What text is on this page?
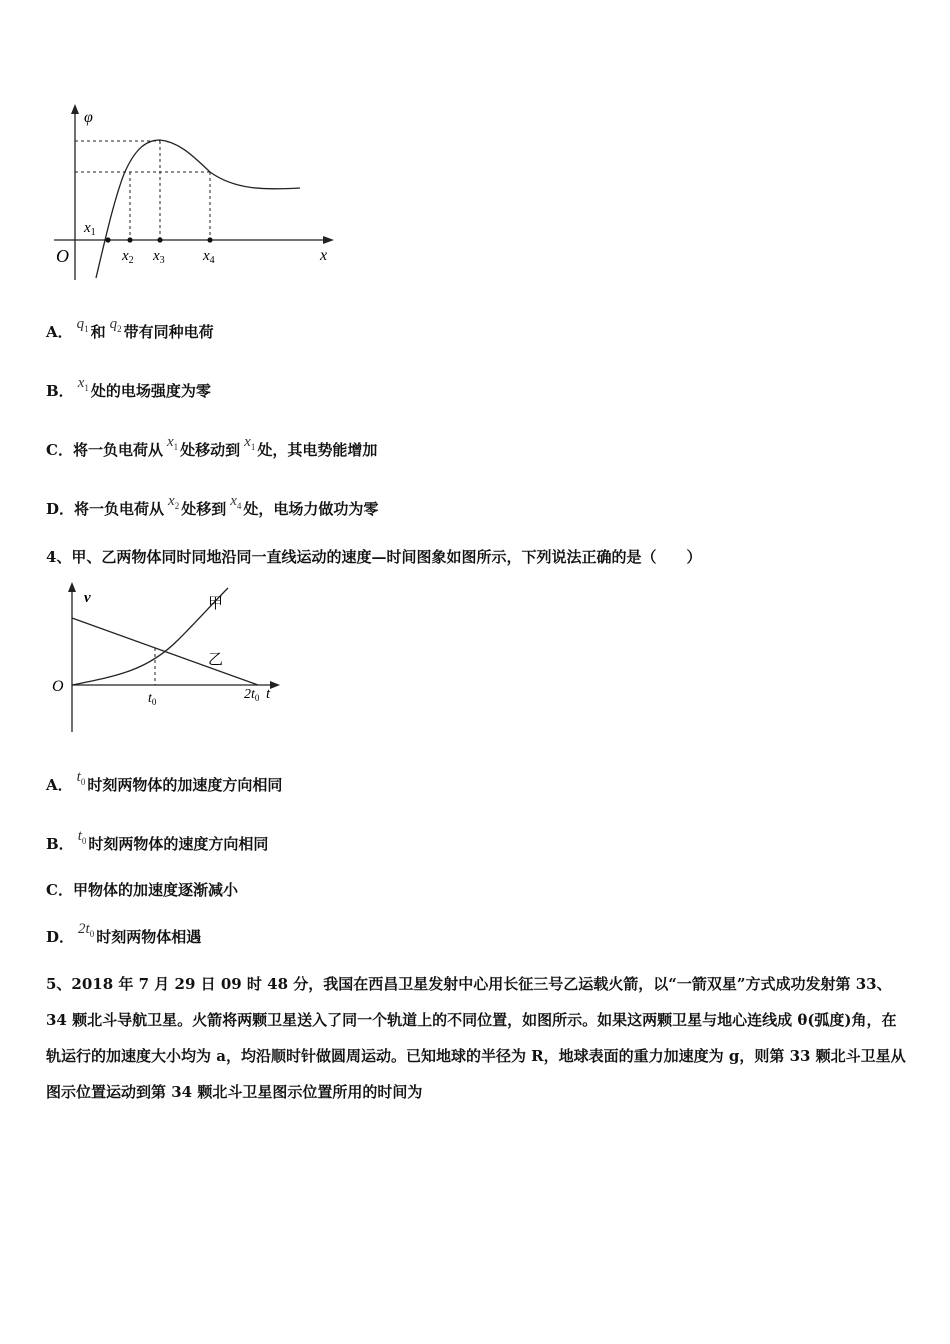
φ
O	x
$x_1$
$x_2$ $x_3$	$x_4$
A． $q_1$ 和 $q_2$ 带有同种电荷
B． $x_1$ 处的电场强度为零
C．将一负电荷从 $x_1$ 处移动到 $x_1$ 处，其电势能增加
D．将一负电荷从 $x_2$ 处移到 $x_4$ 处，电场力做功为零
4、甲、乙两物体同时同地沿同一直线运动的速度—时间图象如图所示，下列说法正确的是（　　）
v
O	t
$t_0$	$2t_0$
甲
乙
A． $t_0$ 时刻两物体的加速度方向相同
B． $t_0$ 时刻两物体的速度方向相同
C．甲物体的加速度逐渐减小
D． $2t_0$ 时刻两物体相遇
5、2018 年 7 月 29 日 09 时 48 分，我国在西昌卫星发射中心用长征三号乙运载火箭，以“一箭双星”方式成功发射第 33、34 颗北斗导航卫星。火箭将两颗卫星送入了同一个轨道上的不同位置，如图所示。如果这两颗卫星与地心连线成 θ(弧度)角，在轨运行的加速度大小均为 a，均沿顺时针做圆周运动。已知地球的半径为 R，地球表面的重力加速度为 g，则第 33 颗北斗卫星从图示位置运动到第 34 颗北斗卫星图示位置所用的时间为
